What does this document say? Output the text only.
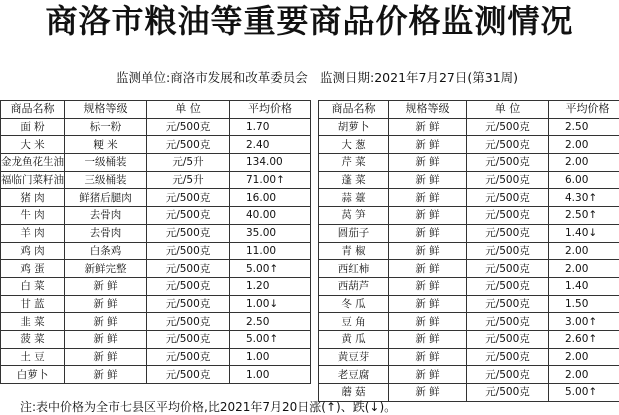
商洛市粮油等重要商品价格监测情况
监测单位:商洛市发展和改革委员会 监测日期:2021年7月27日(第31周)
商品名称	规格等级	单 位	平均价格
面 粉	标一粉	元/500克	1.70
大 米	粳 米	元/500克	2.40
金龙鱼花生油	一级桶装	元/5升	134.00
福临门菜籽油	三级桶装	元/5升	71.00↑
猪 肉	鲜猪后腿肉	元/500克	16.00
牛 肉	去骨肉	元/500克	40.00
羊 肉	去骨肉	元/500克	35.00
鸡 肉	白条鸡	元/500克	11.00
鸡 蛋	新鲜完整	元/500克	5.00↑
白 菜	新 鲜	元/500克	1.20
甘 蓝	新 鲜	元/500克	1.00↓
韭 菜	新 鲜	元/500克	2.50
菠 菜	新 鲜	元/500克	5.00↑
土 豆	新 鲜	元/500克	1.00
白萝卜	新 鲜	元/500克	1.00
商品名称	规格等级	单 位	平均价格
胡萝卜	新 鲜	元/500克	2.50
大 葱	新 鲜	元/500克	2.00
芹 菜	新 鲜	元/500克	2.00
蓬 菜	新 鲜	元/500克	6.00
蒜 薹	新 鲜	元/500克	4.30↑
莴 笋	新 鲜	元/500克	2.50↑
圆茄子	新 鲜	元/500克	1.40↓
青 椒	新 鲜	元/500克	2.00
西红柿	新 鲜	元/500克	2.00
西葫芦	新 鲜	元/500克	1.40
冬 瓜	新 鲜	元/500克	1.50
豆 角	新 鲜	元/500克	3.00↑
黄 瓜	新 鲜	元/500克	2.60↑
黄豆芽	新 鲜	元/500克	2.00
老豆腐	新 鲜	元/500克	2.00
蘑 菇	新 鲜	元/500克	5.00↑
注:表中价格为全市七县区平均价格,比2021年7月20日涨(↑)、跌(↓)。
